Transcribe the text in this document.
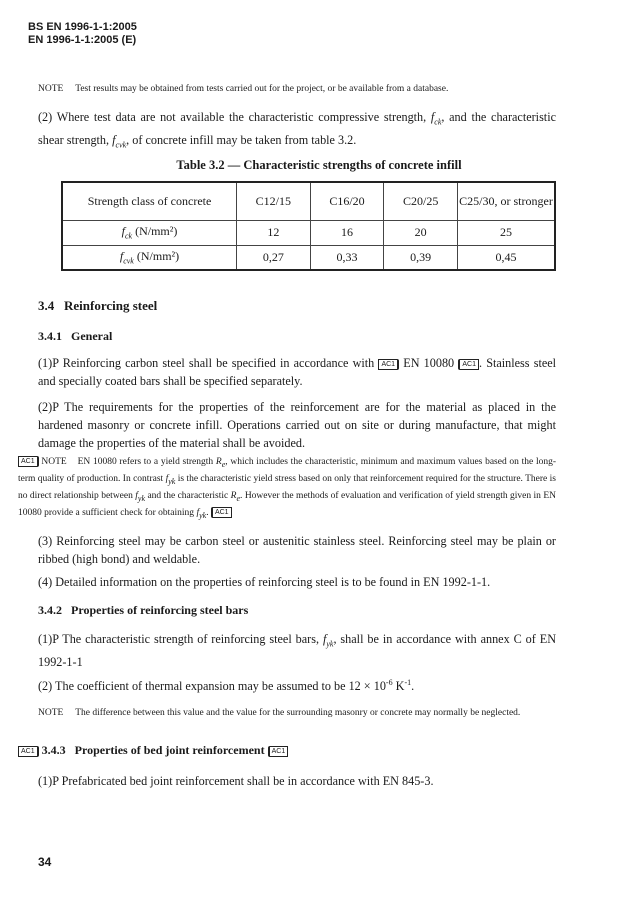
BS EN 1996-1-1:2005
EN 1996-1-1:2005 (E)
NOTE Test results may be obtained from tests carried out for the project, or be available from a database.
(2) Where test data are not available the characteristic compressive strength, $f_{ck}$, and the characteristic shear strength, $f_{cvk}$, of concrete infill may be taken from table 3.2.
Table 3.2 — Characteristic strengths of concrete infill
Strength class of concrete	C12/15	C16/20	C20/25	C25/30, or stronger
$f_{ck}$ (N/mm²)	12	16	20	25
$f_{cvk}$ (N/mm²)	0,27	0,33	0,39	0,45
3.4 Reinforcing steel
3.4.1 General
(1)P Reinforcing carbon steel shall be specified in accordance with AC1 EN 10080 AC1 . Stainless steel and specially coated bars shall be specified separately.
(2)P The requirements for the properties of the reinforcement are for the material as placed in the hardened masonry or concrete infill. Operations carried out on site or during manufacture, that might damage the properties of the material shall be avoided.
AC1 NOTE EN 10080 refers to a yield strength $R_e$, which includes the characteristic, minimum and maximum values based on the long-term quality of production. In contrast $f_{yk}$ is the characteristic yield stress based on only that reinforcement required for the structure. There is no direct relationship between $f_{yk}$ and the characteristic $R_e$. However the methods of evaluation and verification of yield strength given in EN 10080 provide a sufficient check for obtaining $f_{yk}$. AC1
(3) Reinforcing steel may be carbon steel or austenitic stainless steel. Reinforcing steel may be plain or ribbed (high bond) and weldable.
(4) Detailed information on the properties of reinforcing steel is to be found in EN 1992-1-1.
3.4.2 Properties of reinforcing steel bars
(1)P The characteristic strength of reinforcing steel bars, $f_{yk}$, shall be in accordance with annex C of EN 1992-1-1
(2) The coefficient of thermal expansion may be assumed to be $12 \times 10^{-6}$ $K^{-1}$.
NOTE The difference between this value and the value for the surrounding masonry or concrete may normally be neglected.
AC1 3.4.3 Properties of bed joint reinforcement AC1
(1)P Prefabricated bed joint reinforcement shall be in accordance with EN 845-3.
34
